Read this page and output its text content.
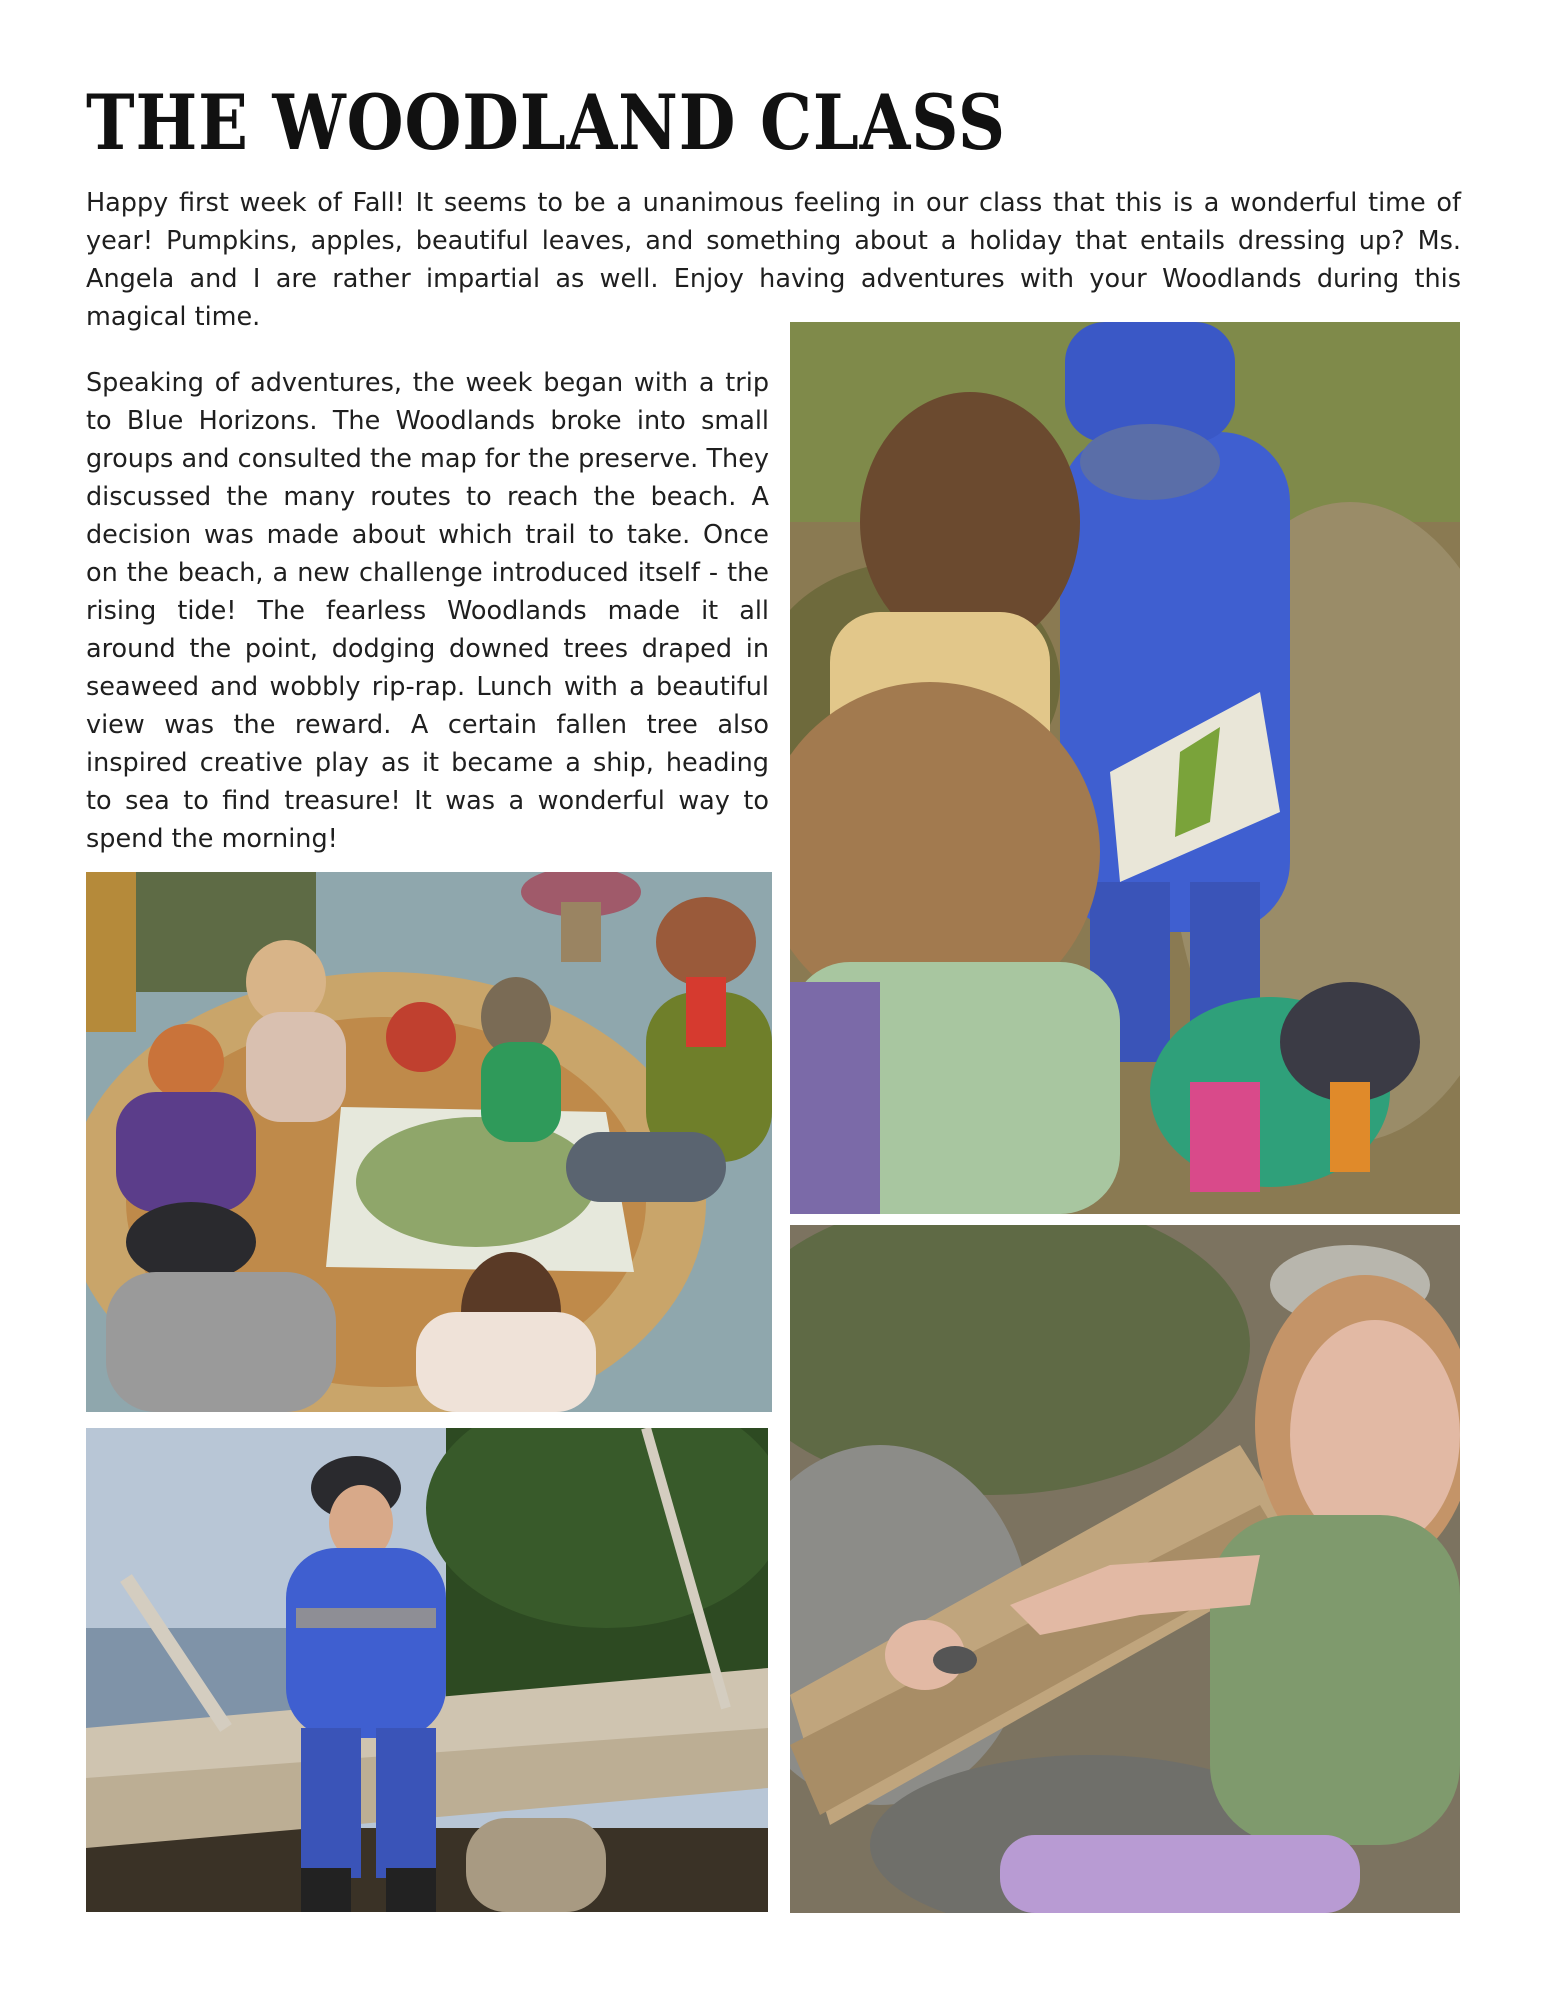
THE WOODLAND CLASS

Happy first week of Fall! It seems to be a unanimous feeling in our class that this is a wonderful time of year! Pumpkins, apples, beautiful leaves, and something about a holiday that entails dressing up? Ms. Angela and I are rather impartial as well. Enjoy having adventures with your Woodlands during this magical time.

Speaking of adventures, the week began with a trip to Blue Horizons. The Woodlands broke into small groups and consulted the map for the preserve. They discussed the many routes to reach the beach. A decision was made about which trail to take. Once on the beach, a new challenge introduced itself - the rising tide! The fearless Woodlands made it all around the point, dodging downed trees draped in seaweed and wobbly rip-rap. Lunch with a beautiful view was the reward. A certain fallen tree also inspired creative play as it became a ship, heading to sea to find treasure! It was a wonderful way to spend the morning!
